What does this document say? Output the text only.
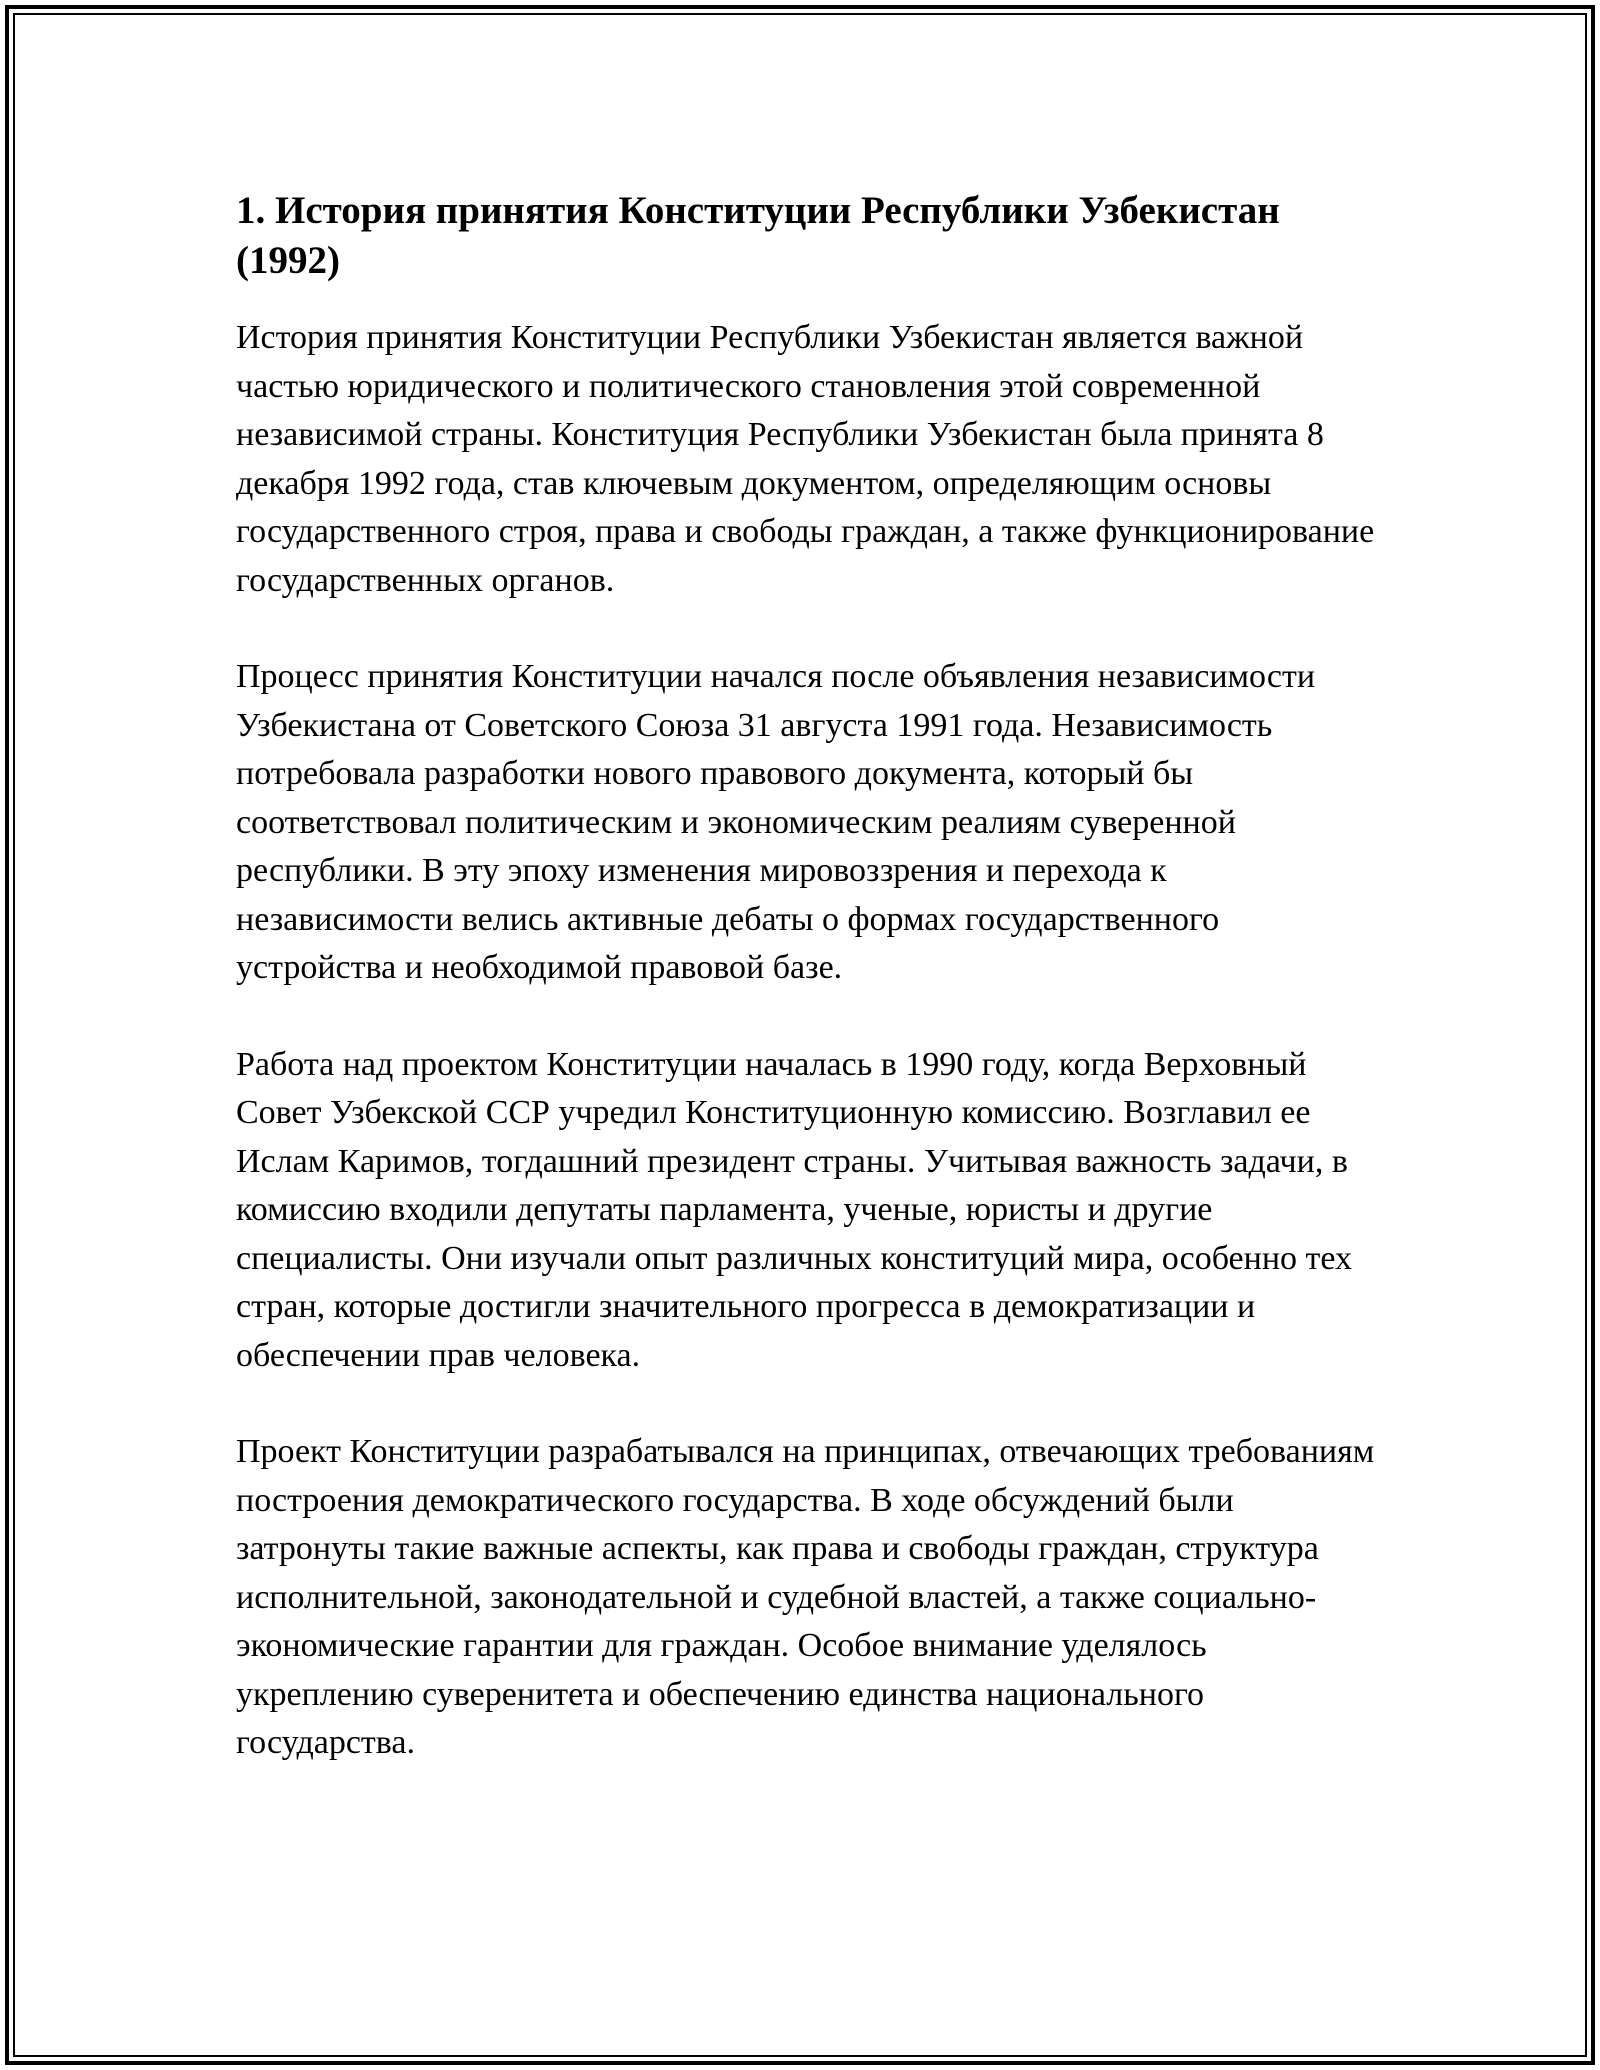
1. История принятия Конституции Республики Узбекистан (1992)

История принятия Конституции Республики Узбекистан является важной частью юридического и политического становления этой современной независимой страны. Конституция Республики Узбекистан была принята 8 декабря 1992 года, став ключевым документом, определяющим основы государственного строя, права и свободы граждан, а также функционирование государственных органов.

Процесс принятия Конституции начался после объявления независимости Узбекистана от Советского Союза 31 августа 1991 года. Независимость потребовала разработки нового правового документа, который бы соответствовал политическим и экономическим реалиям суверенной республики. В эту эпоху изменения мировоззрения и перехода к независимости велись активные дебаты о формах государственного устройства и необходимой правовой базе.

Работа над проектом Конституции началась в 1990 году, когда Верховный Совет Узбекской ССР учредил Конституционную комиссию. Возглавил ее Ислам Каримов, тогдашний президент страны. Учитывая важность задачи, в комиссию входили депутаты парламента, ученые, юристы и другие специалисты. Они изучали опыт различных конституций мира, особенно тех стран, которые достигли значительного прогресса в демократизации и обеспечении прав человека.

Проект Конституции разрабатывался на принципах, отвечающих требованиям построения демократического государства. В ходе обсуждений были затронуты такие важные аспекты, как права и свободы граждан, структура исполнительной, законодательной и судебной властей, а также социально-экономические гарантии для граждан. Особое внимание уделялось укреплению суверенитета и обеспечению единства национального государства.
